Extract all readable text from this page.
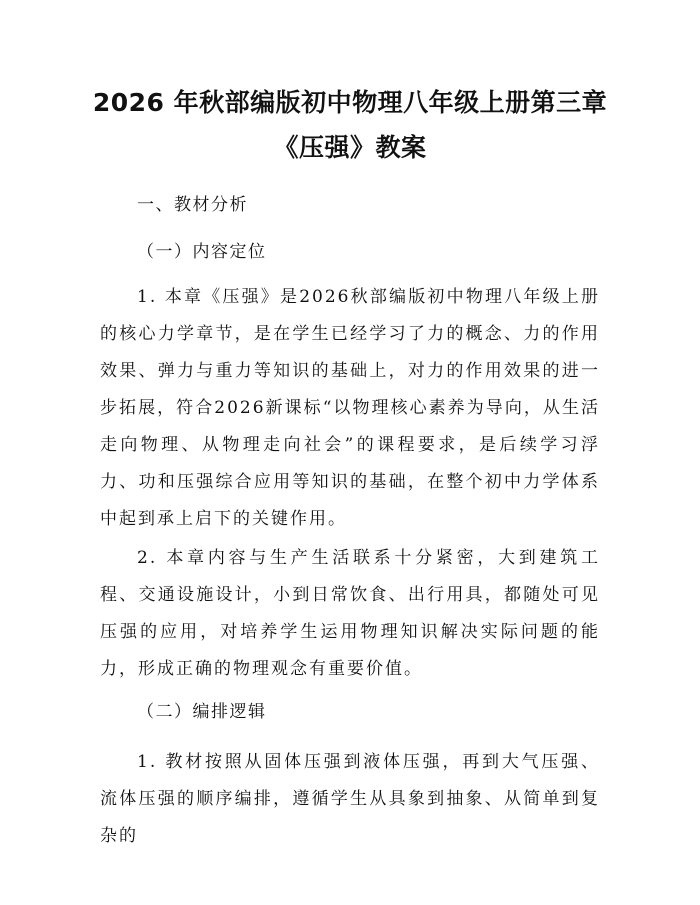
2026 年秋部编版初中物理八年级上册第三章
《压强》教案
一、教材分析
（一）内容定位
1. 本章《压强》是2026秋部编版初中物理八年级上册的核心力学章节，是在学生已经学习了力的概念、力的作用效果、弹力与重力等知识的基础上，对力的作用效果的进一步拓展，符合2026新课标“以物理核心素养为导向，从生活走向物理、从物理走向社会”的课程要求，是后续学习浮力、功和压强综合应用等知识的基础，在整个初中力学体系中起到承上启下的关键作用。
2. 本章内容与生产生活联系十分紧密，大到建筑工程、交通设施设计，小到日常饮食、出行用具，都随处可见压强的应用，对培养学生运用物理知识解决实际问题的能力，形成正确的物理观念有重要价值。
（二）编排逻辑
1. 教材按照从固体压强到液体压强，再到大气压强、流体压强的顺序编排，遵循学生从具象到抽象、从简单到复杂的
